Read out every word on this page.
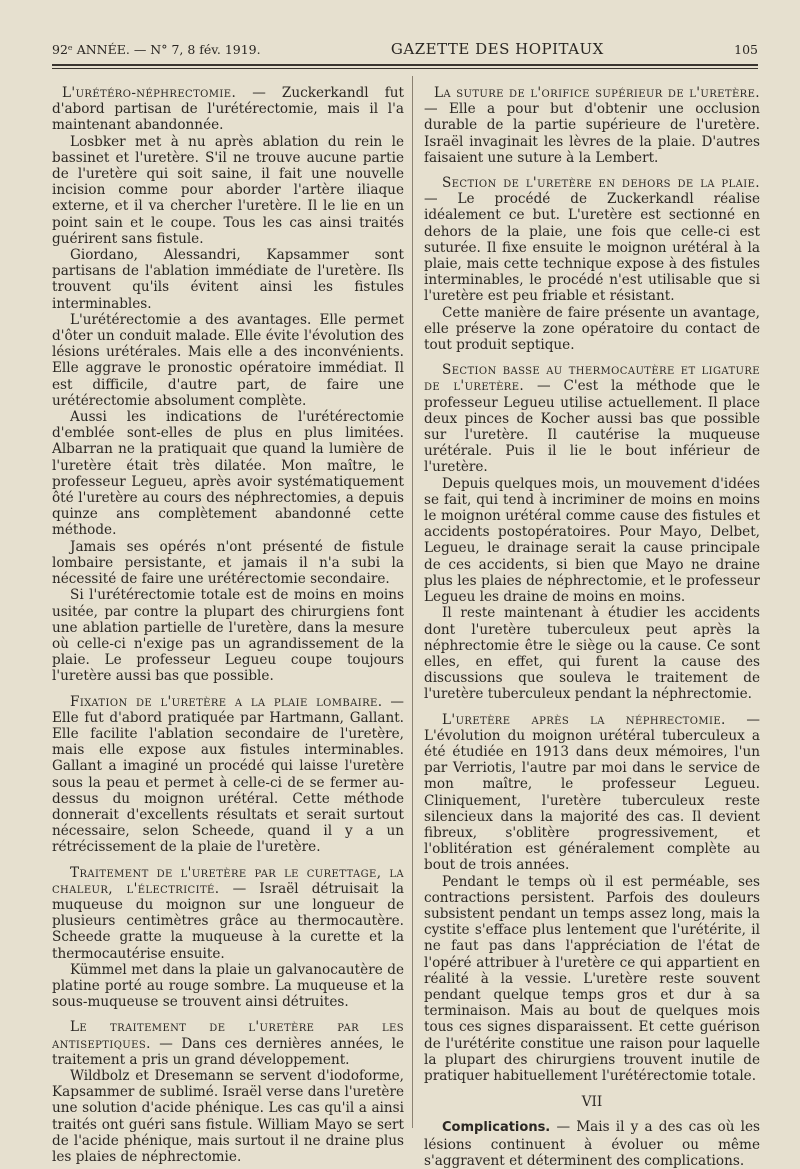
92ᵉ ANNÉE. — N° 7, 8 fév. 1919.	GAZETTE DES HOPITAUX	105

L'urétéro-néphrectomie. — Zuckerkandl fut d'abord partisan de l'urétérectomie, mais il l'a maintenant abandonnée.

Losbker met à nu après ablation du rein le bassinet et l'uretère. S'il ne trouve aucune partie de l'uretère qui soit saine, il fait une nouvelle incision comme pour aborder l'artère iliaque externe, et il va chercher l'uretère. Il le lie en un point sain et le coupe. Tous les cas ainsi traités guérirent sans fistule.

Giordano, Alessandri, Kapsammer sont partisans de l'ablation immédiate de l'uretère. Ils trouvent qu'ils évitent ainsi les fistules interminables.

L'urétérectomie a des avantages. Elle permet d'ôter un conduit malade. Elle évite l'évolution des lésions urétérales. Mais elle a des inconvénients. Elle aggrave le pronostic opératoire immédiat. Il est difficile, d'autre part, de faire une urétérectomie absolument complète.

Aussi les indications de l'urétérectomie d'emblée sont-elles de plus en plus limitées. Albarran ne la pratiquait que quand la lumière de l'uretère était très dilatée. Mon maître, le professeur Legueu, après avoir systématiquement ôté l'uretère au cours des néphrectomies, a depuis quinze ans complètement abandonné cette méthode.

Jamais ses opérés n'ont présenté de fistule lombaire persistante, et jamais il n'a subi la nécessité de faire une urétérectomie secondaire.

Si l'urétérectomie totale est de moins en moins usitée, par contre la plupart des chirurgiens font une ablation partielle de l'uretère, dans la mesure où celle-ci n'exige pas un agrandissement de la plaie. Le professeur Legueu coupe toujours l'uretère aussi bas que possible.

Fixation de l'uretère a la plaie lombaire. — Elle fut d'abord pratiquée par Hartmann, Gallant. Elle facilite l'ablation secondaire de l'uretère, mais elle expose aux fistules interminables. Gallant a imaginé un procédé qui laisse l'uretère sous la peau et permet à celle-ci de se fermer au-dessus du moignon urétéral. Cette méthode donnerait d'excellents résultats et serait surtout nécessaire, selon Scheede, quand il y a un rétrécissement de la plaie de l'uretère.

Traitement de l'uretère par le curettage, la chaleur, l'électricité. — Israël détruisait la muqueuse du moignon sur une longueur de plusieurs centimètres grâce au thermocautère. Scheede gratte la muqueuse à la curette et la thermocautérise ensuite.

Kümmel met dans la plaie un galvanocautère de platine porté au rouge sombre. La muqueuse et la sous-muqueuse se trouvent ainsi détruites.

Le traitement de l'uretère par les antiseptiques. — Dans ces dernières années, le traitement a pris un grand développement.

Wildbolz et Dresemann se servent d'iodoforme, Kapsammer de sublimé. Israël verse dans l'uretère une solution d'acide phénique. Les cas qu'il a ainsi traités ont guéri sans fistule. William Mayo se sert de l'acide phénique, mais surtout il ne draine plus les plaies de néphrectomie.

La suture de l'orifice supérieur de l'uretère. — Elle a pour but d'obtenir une occlusion durable de la partie supérieure de l'uretère. Israël invaginait les lèvres de la plaie. D'autres faisaient une suture à la Lembert.

Section de l'uretère en dehors de la plaie. — Le procédé de Zuckerkandl réalise idéalement ce but. L'uretère est sectionné en dehors de la plaie, une fois que celle-ci est suturée. Il fixe ensuite le moignon urétéral à la plaie, mais cette technique expose à des fistules interminables, le procédé n'est utilisable que si l'uretère est peu friable et résistant.

Cette manière de faire présente un avantage, elle préserve la zone opératoire du contact de tout produit septique.

Section basse au thermocautère et ligature de l'uretère. — C'est la méthode que le professeur Legueu utilise actuellement. Il place deux pinces de Kocher aussi bas que possible sur l'uretère. Il cautérise la muqueuse urétérale. Puis il lie le bout inférieur de l'uretère.

Depuis quelques mois, un mouvement d'idées se fait, qui tend à incriminer de moins en moins le moignon urétéral comme cause des fistules et accidents postopératoires. Pour Mayo, Delbet, Legueu, le drainage serait la cause principale de ces accidents, si bien que Mayo ne draine plus les plaies de néphrectomie, et le professeur Legueu les draine de moins en moins.

Il reste maintenant à étudier les accidents dont l'uretère tuberculeux peut après la néphrectomie être le siège ou la cause. Ce sont elles, en effet, qui furent la cause des discussions que souleva le traitement de l'uretère tuberculeux pendant la néphrectomie.

L'uretère après la néphrectomie. — L'évolution du moignon urétéral tuberculeux a été étudiée en 1913 dans deux mémoires, l'un par Verriotis, l'autre par moi dans le service de mon maître, le professeur Legueu. Cliniquement, l'uretère tuberculeux reste silencieux dans la majorité des cas. Il devient fibreux, s'oblitère progressivement, et l'oblitération est généralement complète au bout de trois années.

Pendant le temps où il est perméable, ses contractions persistent. Parfois des douleurs subsistent pendant un temps assez long, mais la cystite s'efface plus lentement que l'urétérite, il ne faut pas dans l'appréciation de l'état de l'opéré attribuer à l'uretère ce qui appartient en réalité à la vessie. L'uretère reste souvent pendant quelque temps gros et dur à sa terminaison. Mais au bout de quelques mois tous ces signes disparaissent. Et cette guérison de l'urétérite constitue une raison pour laquelle la plupart des chirurgiens trouvent inutile de pratiquer habituellement l'urétérectomie totale.

VII

Complications. — Mais il y a des cas où les lésions continuent à évoluer ou même s'aggravent et déterminent des complications.
